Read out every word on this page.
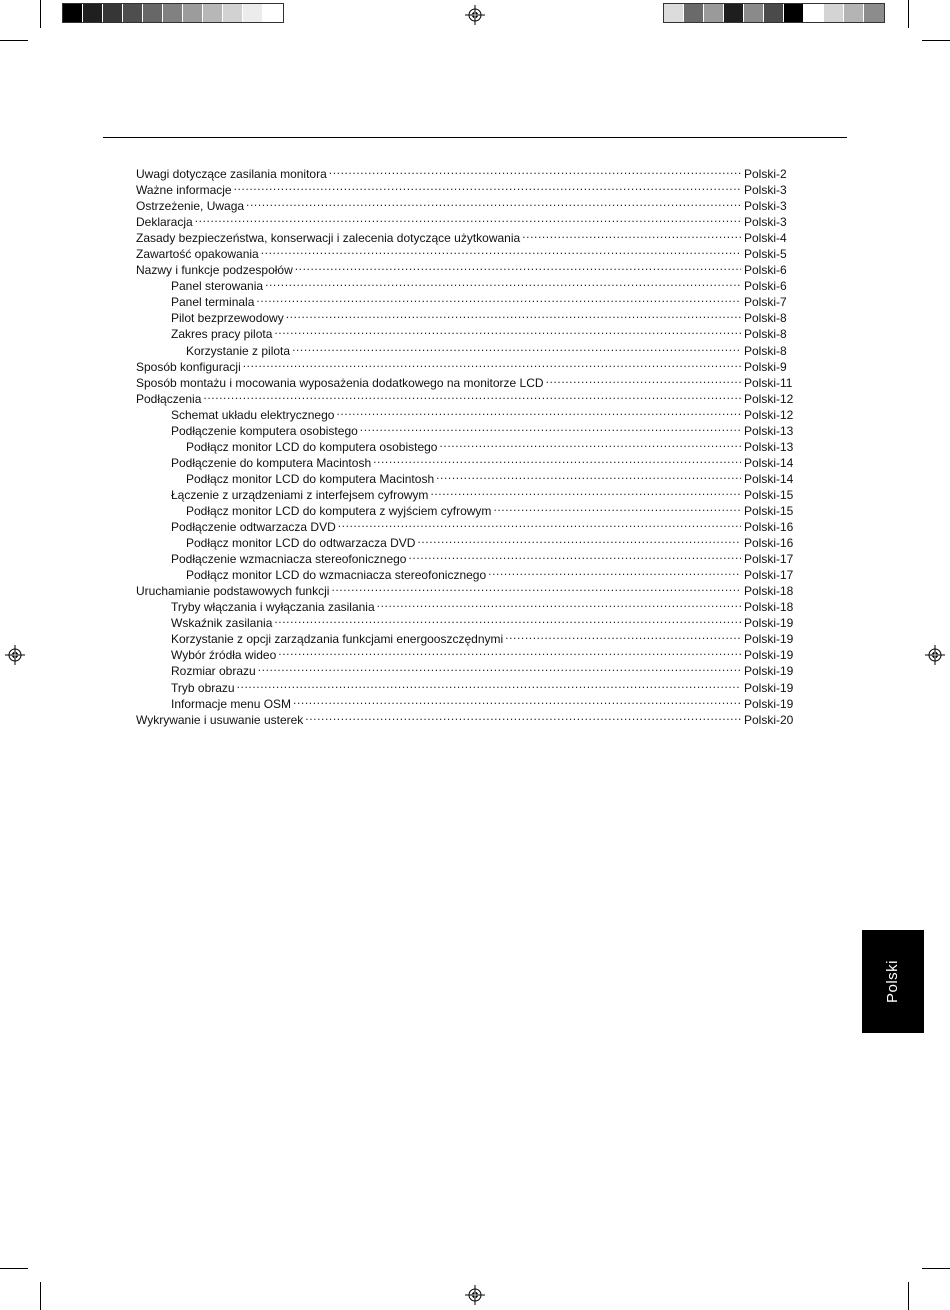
Uwagi dotyczące zasilania monitora .....	Polski-2
Ważne informacje .....	Polski-3
Ostrzeżenie, Uwaga .....	Polski-3
Deklaracja .....	Polski-3
Zasady bezpieczeństwa, konserwacji i zalecenia dotyczące użytkowania .....	Polski-4
Zawartość opakowania .....	Polski-5
Nazwy i funkcje podzespołów .....	Polski-6
Panel sterowania .....	Polski-6
Panel terminala .....	Polski-7
Pilot bezprzewodowy .....	Polski-8
Zakres pracy pilota .....	Polski-8
Korzystanie z pilota .....	Polski-8
Sposób konfiguracji .....	Polski-9
Sposób montażu i mocowania wyposażenia dodatkowego na monitorze LCD .....	Polski-11
Podłączenia .....	Polski-12
Schemat układu elektrycznego .....	Polski-12
Podłączenie komputera osobistego .....	Polski-13
Podłącz monitor LCD do komputera osobistego .....	Polski-13
Podłączenie do komputera Macintosh .....	Polski-14
Podłącz monitor LCD do komputera Macintosh .....	Polski-14
Łączenie z urządzeniami z interfejsem cyfrowym .....	Polski-15
Podłącz monitor LCD do komputera z wyjściem cyfrowym .....	Polski-15
Podłączenie odtwarzacza DVD .....	Polski-16
Podłącz monitor LCD do odtwarzacza DVD .....	Polski-16
Podłączenie wzmacniacza stereofonicznego .....	Polski-17
Podłącz monitor LCD do wzmacniacza stereofonicznego .....	Polski-17
Uruchamianie podstawowych funkcji .....	Polski-18
Tryby włączania i wyłączania zasilania .....	Polski-18
Wskaźnik zasilania .....	Polski-19
Korzystanie z opcji zarządzania funkcjami energooszczędnymi .....	Polski-19
Wybór źródła wideo .....	Polski-19
Rozmiar obrazu .....	Polski-19
Tryb obrazu .....	Polski-19
Informacje menu OSM .....	Polski-19
Wykrywanie i usuwanie usterek .....	Polski-20
Polski
